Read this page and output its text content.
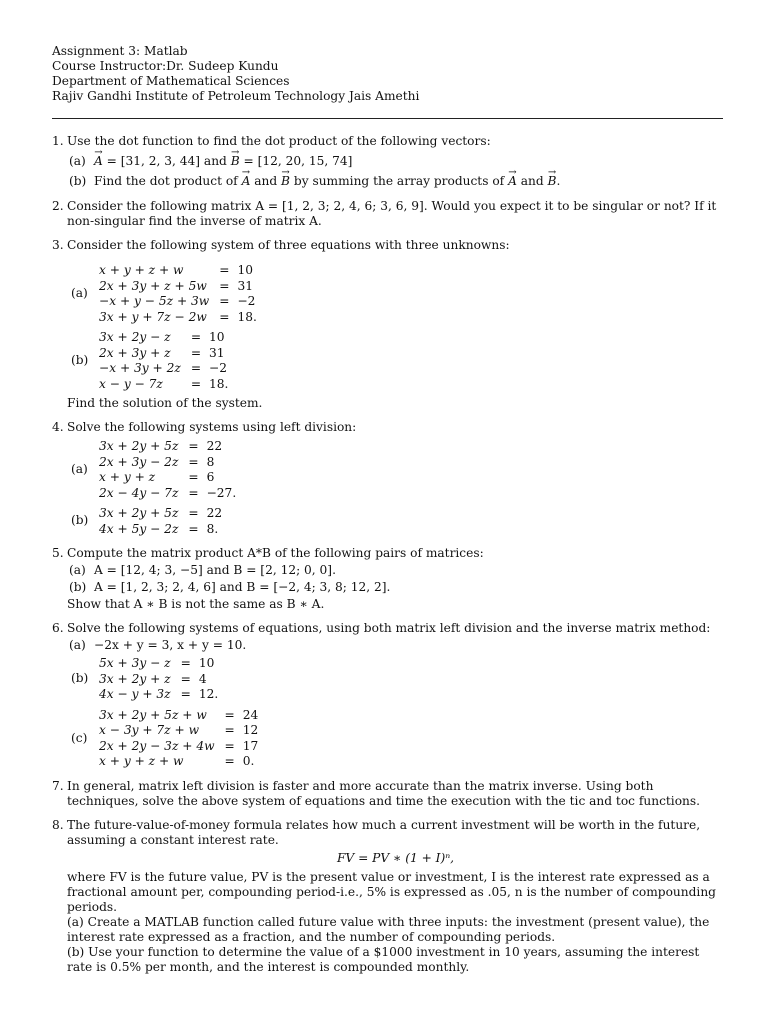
Assignment 3: Matlab
Course Instructor:Dr. Sudeep Kundu
Department of Mathematical Sciences
Rajiv Gandhi Institute of Petroleum Technology Jais Amethi
1. Use the dot function to find the dot product of the following vectors:
(a) → A = [31, 2, 3, 44] and → B = [12, 20, 15, 74]
(b) Find the dot product of → A and → B by summing the array products of → A and → B.
2. Consider the following matrix A = [1, 2, 3; 2, 4, 6; 3, 6, 9]. Would you expect it to be singular or not? If it non-singular find the inverse of matrix A.
3. Consider the following system of three equations with three unknowns:
(a)
x + y + z + w	=	10
2x + 3y + z + 5w	=	31
−x + y − 5z + 3w	=	−2
3x + y + 7z − 2w	=	18.
(b)
3x + 2y − z	=	10
2x + 3y + z	=	31
−x + 3y + 2z	=	−2
x − y − 7z	=	18.
Find the solution of the system.
4. Solve the following systems using left division:
(a)
3x + 2y + 5z	=	22
2x + 3y − 2z	=	8
x + y + z	=	6
2x − 4y − 7z	=	−27.
(b) 3x + 2y + 5z	=	22
4x + 5y − 2z	=	8.
5. Compute the matrix product A*B of the following pairs of matrices:
(a) A = [12, 4; 3, −5] and B = [2, 12; 0, 0].
(b) A = [1, 2, 3; 2, 4, 6] and B = [−2, 4; 3, 8; 12, 2].
Show that A ∗ B is not the same as B ∗ A.
6. Solve the following systems of equations, using both matrix left division and the inverse matrix method:
(a) −2x + y = 3, x + y = 10.
(b)
5x + 3y − z	=	10
3x + 2y + z	=	4
4x − y + 3z	=	12.
(c)
3x + 2y + 5z + w	=	24
x − 3y + 7z + w	=	12
2x + 2y − 3z + 4w	=	17
x + y + z + w	=	0.
7. In general, matrix left division is faster and more accurate than the matrix inverse. Using both techniques, solve the above system of equations and time the execution with the tic and toc functions.
8. The future-value-of-money formula relates how much a current investment will be worth in the future, assuming a constant interest rate.
FV = PV ∗ (1 + I)ⁿ,
where FV is the future value, PV is the present value or investment, I is the interest rate expressed as a fractional amount per, compounding period-i.e., 5% is expressed as .05, n is the number of compounding periods.
(a) Create a MATLAB function called future value with three inputs: the investment (present value), the interest rate expressed as a fraction, and the number of compounding periods.
(b) Use your function to determine the value of a $1000 investment in 10 years, assuming the interest rate is 0.5% per month, and the interest is compounded monthly.
